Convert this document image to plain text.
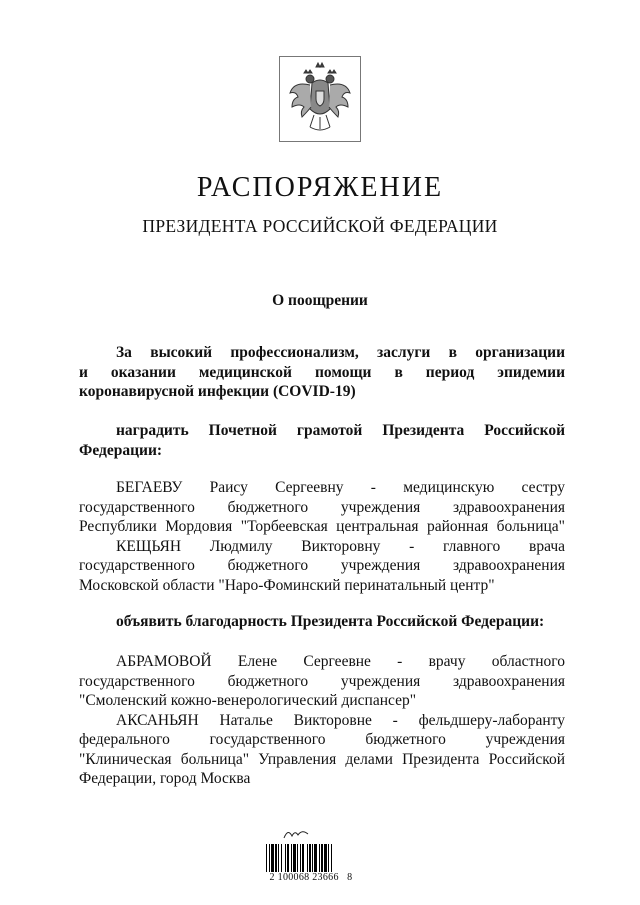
РАСПОРЯЖЕНИЕ
ПРЕЗИДЕНТА РОССИЙСКОЙ ФЕДЕРАЦИИ
О поощрении
За высокий профессионализм, заслуги в организации
и оказании медицинской помощи в период эпидемии
коронавирусной инфекции (COVID-19)
наградить Почетной грамотой Президента Российской
Федерации:
БЕГАЕВУ Раису Сергеевну - медицинскую сестру
государственного бюджетного учреждения здравоохранения
Республики Мордовия "Торбеевская центральная районная больница"
КЕЩЬЯН Людмилу Викторовну - главного врача
государственного бюджетного учреждения здравоохранения
Московской области "Наро-Фоминский перинатальный центр"
объявить благодарность Президента Российской Федерации:
АБРАМОВОЙ Елене Сергеевне - врачу областного
государственного бюджетного учреждения здравоохранения
"Смоленский кожно-венерологический диспансер"
АКСАНЬЯН Наталье Викторовне - фельдшеру-лаборанту
федерального государственного бюджетного учреждения
"Клиническая больница" Управления делами Президента Российской
Федерации, город Москва
2 100068 23666   8
